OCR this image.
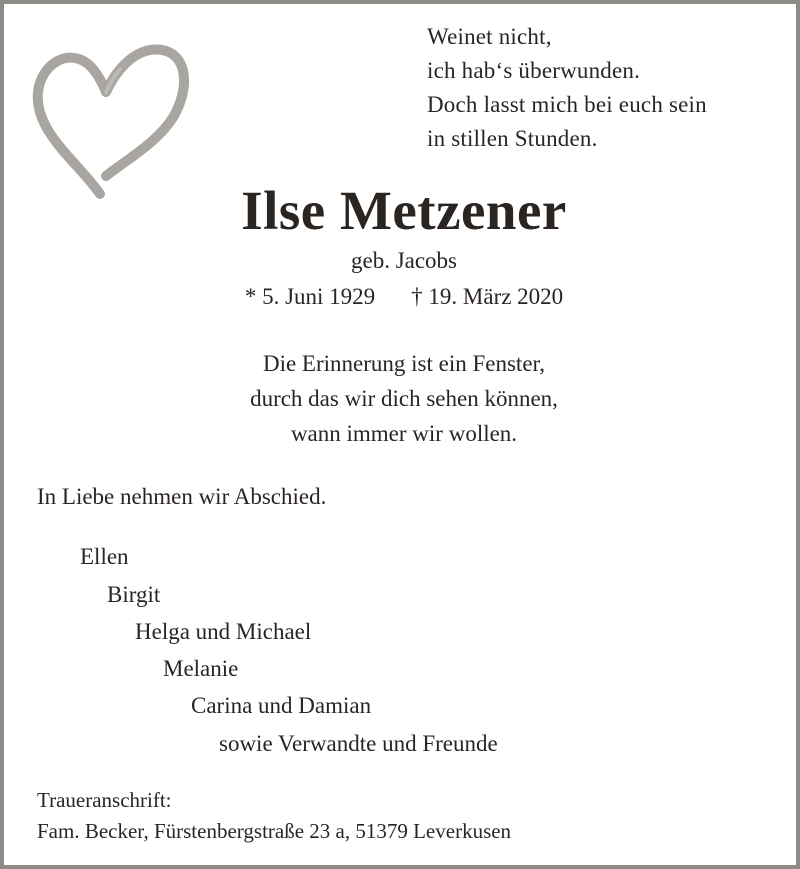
Weinet nicht,
ich hab‘s überwunden.
Doch lasst mich bei euch sein
in stillen Stunden.
Ilse Metzener
geb. Jacobs
* 5. Juni 1929 † 19. März 2020
Die Erinnerung ist ein Fenster,
durch das wir dich sehen können,
wann immer wir wollen.
In Liebe nehmen wir Abschied.
Ellen
Birgit
Helga und Michael
Melanie
Carina und Damian
sowie Verwandte und Freunde
Traueranschrift:
Fam. Becker, Fürstenbergstraße 23 a, 51379 Leverkusen
